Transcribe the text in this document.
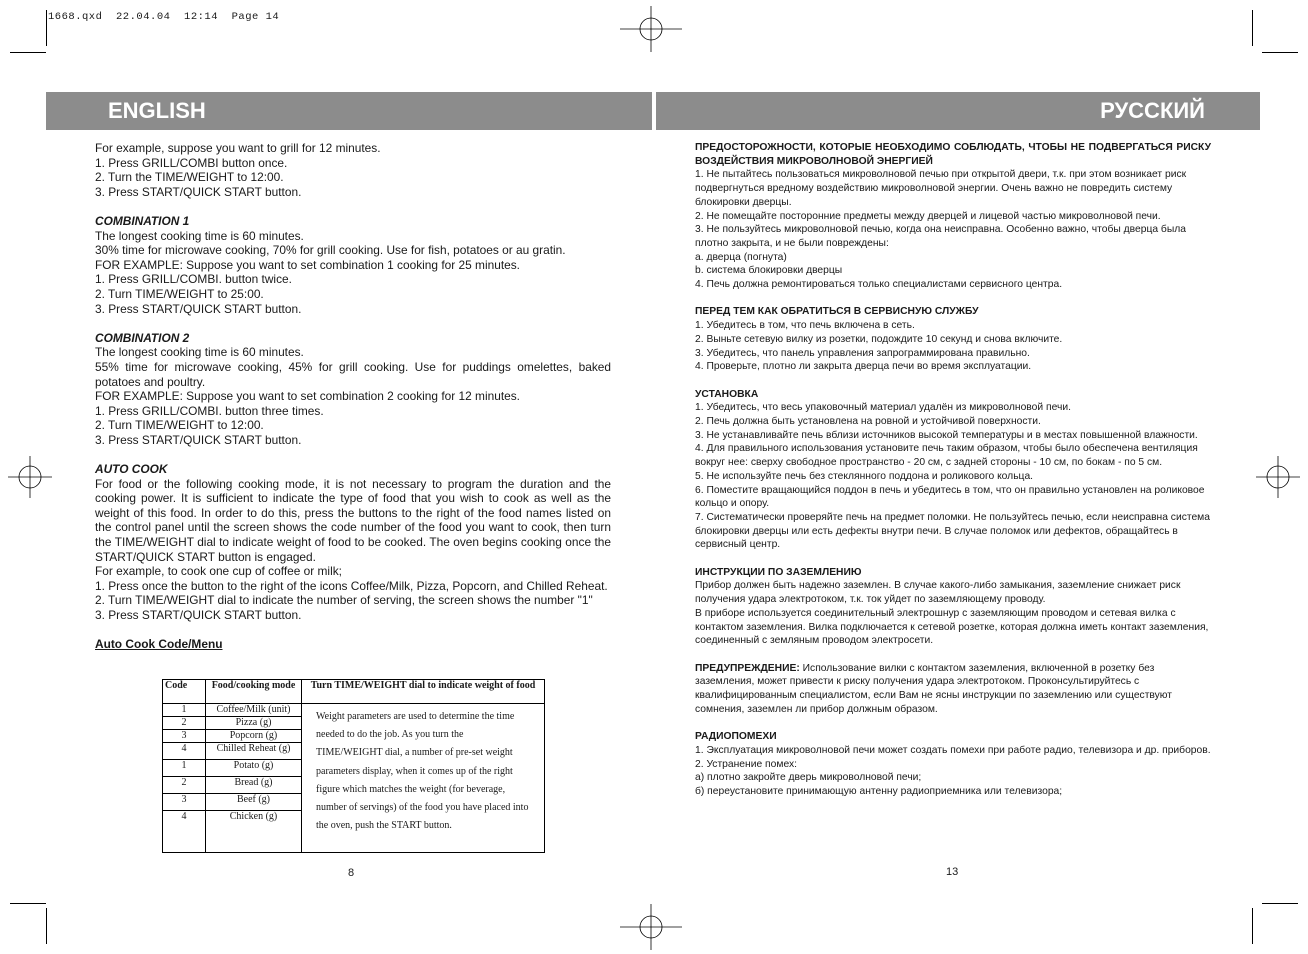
1668.qxd  22.04.04  12:14  Page 14
ENGLISH	РУССКИЙ

For example, suppose you want to grill for 12 minutes.

1. Press GRILL/COMBI button once.

2. Turn the TIME/WEIGHT to 12:00.

3. Press START/QUICK START button.

COMBINATION 1

The longest cooking time is 60 minutes.

30% time for microwave cooking, 70% for grill cooking. Use for fish, potatoes or au gratin.

FOR EXAMPLE: Suppose you want to set combination 1 cooking for 25 minutes.

1. Press GRILL/COMBI. button twice.

2. Turn TIME/WEIGHT to 25:00.

3. Press START/QUICK START button.

COMBINATION 2

The longest cooking time is 60 minutes.

55% time for microwave cooking, 45% for grill cooking. Use for puddings omelettes, baked potatoes and poultry.

FOR EXAMPLE: Suppose you want to set combination 2 cooking for 12 minutes.

1. Press GRILL/COMBI. button three times.

2. Turn TIME/WEIGHT to 12:00.

3. Press START/QUICK START button.

AUTO COOK

For food or the following cooking mode, it is not necessary to program the duration and the cooking power. It is sufficient to indicate the type of food that you wish to cook as well as the weight of this food. In order to do this, press the buttons to the right of the food names listed on the control panel until the screen shows the code number of the food you want to cook, then turn the TIME/WEIGHT dial to indicate weight of food to be cooked. The oven begins cooking once the START/QUICK START button is engaged.

For example, to cook one cup of coffee or milk;

1. Press once the button to the right of the icons Coffee/Milk, Pizza, Popcorn, and Chilled Reheat.

2. Turn TIME/WEIGHT dial to indicate the number of serving, the screen shows the number "1"

3. Press START/QUICK START button.

Auto Cook Code/Menu

Code	Food/cooking mode	Turn TIME/WEIGHT dial to indicate weight of food
1	Coffee/Milk (unit)	Weight parameters are used to determine the time needed to do the job. As you turn the TIME/WEIGHT dial, a number of pre-set weight parameters display, when it comes up of the right figure which matches the weight (for beverage, number of servings) of the food you have placed into the oven, push the START button.
2	Pizza (g)	
3	Popcorn (g)	
4	Chilled Reheat (g)	
1	Potato (g)	
2	Bread (g)	
3	Beef (g)	
4	Chicken (g)	
8

ПРЕДОСТОРОЖНОСТИ, КОТОРЫЕ НЕОБХОДИМО СОБЛЮДАТЬ, ЧТОБЫ НЕ ПОДВЕРГАТЬСЯ РИСКУ ВОЗДЕЙСТВИЯ МИКРОВОЛНОВОЙ ЭНЕРГИЕЙ

1. Не пытайтесь пользоваться микроволновой печью при открытой двери, т.к. при этом возникает риск подвергнуться вредному воздействию микроволновой энергии. Очень важно не повредить систему блокировки дверцы.

2. Не помещайте посторонние предметы между дверцей и лицевой частью микроволновой печи.

3. Не пользуйтесь микроволновой печью, когда она неисправна. Особенно важно, чтобы дверца была плотно закрыта, и не были повреждены:

a. дверца (погнута)

b. система блокировки дверцы

4. Печь должна ремонтироваться только специалистами сервисного центра.

ПЕРЕД ТЕМ КАК ОБРАТИТЬСЯ В СЕРВИСНУЮ СЛУЖБУ

1. Убедитесь в том, что печь включена в сеть.

2. Выньте сетевую вилку из розетки, подождите 10 секунд и снова включите.

3. Убедитесь, что панель управления запрограммирована правильно.

4. Проверьте, плотно ли закрыта дверца печи во время эксплуатации.

УСТАНОВКА

1. Убедитесь, что весь упаковочный материал удалён из микроволновой печи.

2. Печь должна быть установлена на ровной и устойчивой поверхности.

3. Не устанавливайте печь вблизи источников высокой температуры и в местах повышенной влажности.

4. Для правильного использования установите печь таким образом, чтобы было обеспечена вентиляция вокруг нее: сверху свободное пространство - 20 см, с задней стороны - 10 см, по бокам - по 5 см.

5. Не используйте печь без стеклянного поддона и роликового кольца.

6. Поместите вращающийся поддон в печь и убедитесь в том, что он правильно установлен на роликовое кольцо и опору.

7. Систематически проверяйте печь на предмет поломки. Не пользуйтесь печью, если неисправна система блокировки дверцы или есть дефекты внутри печи. В случае поломок или дефектов, обращайтесь в сервисный центр.

ИНСТРУКЦИИ ПО ЗАЗЕМЛЕНИЮ

Прибор должен быть надежно заземлен. В случае какого-либо замыкания, заземление снижает риск получения удара электротоком, т.к. ток уйдет по заземляющему проводу.

В приборе используется соединительный электрошнур с заземляющим проводом и сетевая вилка с контактом заземления. Вилка подключается к сетевой розетке, которая должна иметь контакт заземления, соединенный с земляным проводом электросети.

ПРЕДУПРЕЖДЕНИЕ: Использование вилки с контактом заземления, включенной в розетку без заземления, может привести к риску получения удара электротоком. Проконсультируйтесь с квалифицированным специалистом, если Вам не ясны инструкции по заземлению или существуют сомнения, заземлен ли прибор должным образом.

РАДИОПОМЕХИ

1. Эксплуатация микроволновой печи может создать помехи при работе радио, телевизора и др. приборов.

2. Устранение помех:

а) плотно закройте дверь микроволновой печи;

б) переустановите принимающую антенну радиоприемника или телевизора;

13
